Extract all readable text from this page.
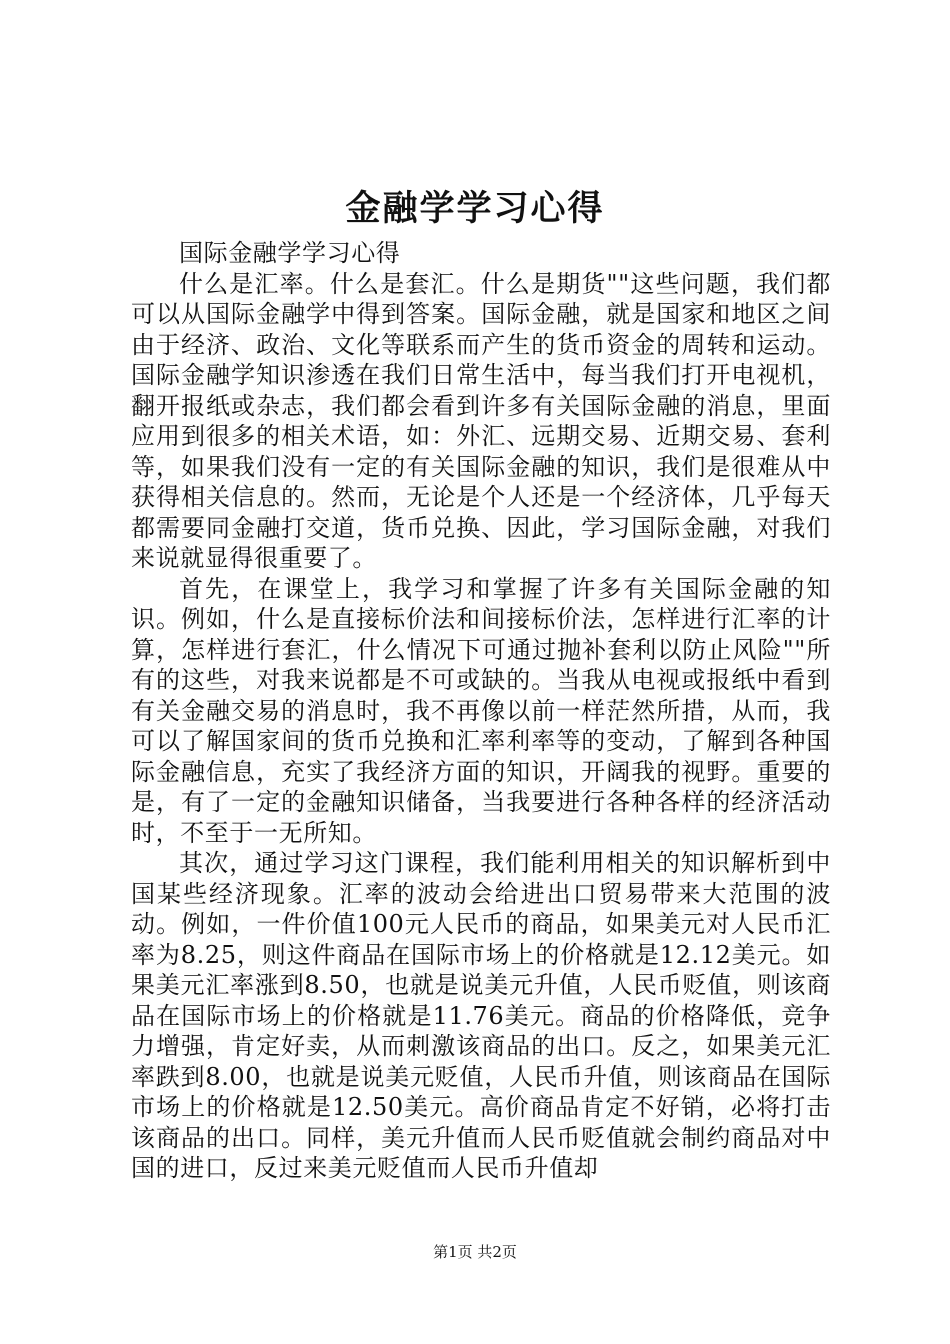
金融学学习心得

国际金融学学习心得

什么是汇率。什么是套汇。什么是期货""这些问题，我们都可以从国际金融学中得到答案。国际金融，就是国家和地区之间由于经济、政治、文化等联系而产生的货币资金的周转和运动。国际金融学知识渗透在我们日常生活中，每当我们打开电视机，翻开报纸或杂志，我们都会看到许多有关国际金融的消息，里面应用到很多的相关术语，如：外汇、远期交易、近期交易、套利等，如果我们没有一定的有关国际金融的知识，我们是很难从中获得相关信息的。然而，无论是个人还是一个经济体，几乎每天都需要同金融打交道，货币兑换、因此，学习国际金融，对我们来说就显得很重要了。

首先，在课堂上，我学习和掌握了许多有关国际金融的知识。例如，什么是直接标价法和间接标价法，怎样进行汇率的计算，怎样进行套汇，什么情况下可通过抛补套利以防止风险""所有的这些，对我来说都是不可或缺的。当我从电视或报纸中看到有关金融交易的消息时，我不再像以前一样茫然所措，从而，我可以了解国家间的货币兑换和汇率利率等的变动，了解到各种国际金融信息，充实了我经济方面的知识，开阔我的视野。重要的是，有了一定的金融知识储备，当我要进行各种各样的经济活动时，不至于一无所知。

其次，通过学习这门课程，我们能利用相关的知识解析到中国某些经济现象。汇率的波动会给进出口贸易带来大范围的波动。例如，一件价值100元人民币的商品，如果美元对人民币汇率为8.25，则这件商品在国际市场上的价格就是12.12美元。如果美元汇率涨到8.50，也就是说美元升值，人民币贬值，则该商品在国际市场上的价格就是11.76美元。商品的价格降低，竞争力增强，肯定好卖，从而刺激该商品的出口。反之，如果美元汇率跌到8.00，也就是说美元贬值，人民币升值，则该商品在国际市场上的价格就是12.50美元。高价商品肯定不好销，必将打击该商品的出口。同样，美元升值而人民币贬值就会制约商品对中国的进口，反过来美元贬值而人民币升值却

第1页 共2页
